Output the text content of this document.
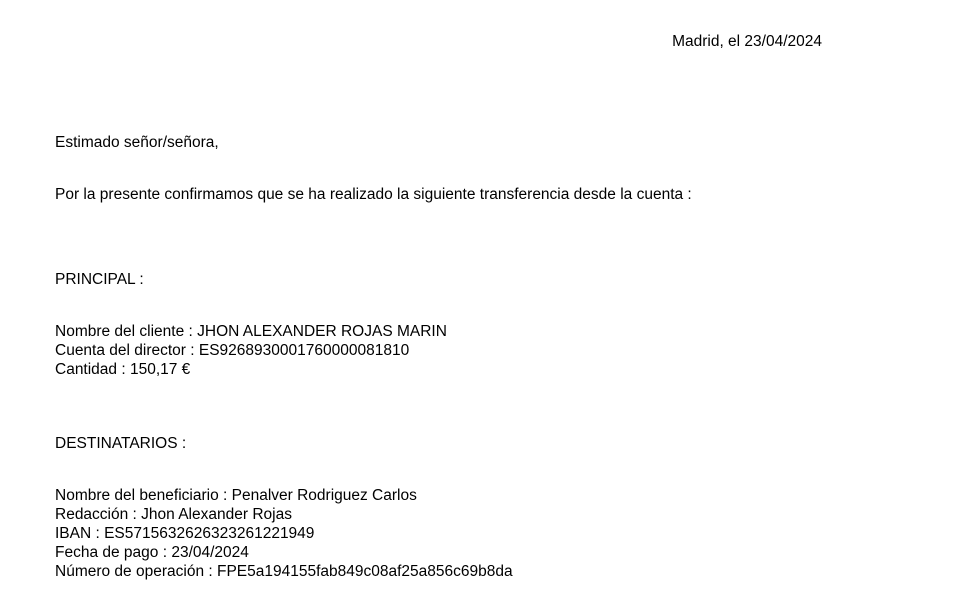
Madrid, el 23/04/2024

Estimado señor/señora,

Por la presente confirmamos que se ha realizado la siguiente transferencia desde la cuenta :

PRINCIPAL :

Nombre del cliente : JHON ALEXANDER ROJAS MARIN
Cuenta del director : ES9268930001760000081810
Cantidad : 150,17 €

DESTINATARIOS :

Nombre del beneficiario : Penalver Rodriguez Carlos
Redacción : Jhon Alexander Rojas
IBAN : ES5715632626323261221949
Fecha de pago : 23/04/2024
Número de operación : FPE5a194155fab849c08af25a856c69b8da
